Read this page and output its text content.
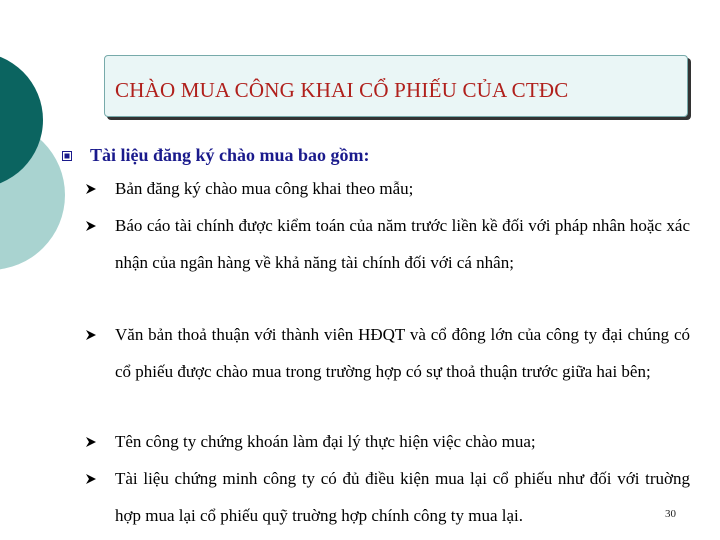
CHÀO MUA CÔNG KHAI CỔ PHIẾU CỦA CTĐC
Tài liệu đăng ký chào mua bao gồm:
Bản đăng ký chào mua công khai theo mẫu;
Báo cáo tài chính được kiểm toán của năm trước liền kề đối với pháp nhân hoặc xác nhận của ngân hàng về khả năng tài chính đối với cá nhân;
Văn bản thoả thuận với thành viên HĐQT và cổ đông lớn của công ty đại chúng có cổ phiếu được chào mua trong trường hợp có sự thoả thuận trước giữa hai bên;
Tên công ty chứng khoán làm đại lý thực hiện việc chào mua;
Tài liệu chứng minh công ty có đủ điều kiện mua lại cổ phiếu như đối với truờng hợp mua lại cổ phiếu quỹ truờng hợp chính công ty mua lại.	30
